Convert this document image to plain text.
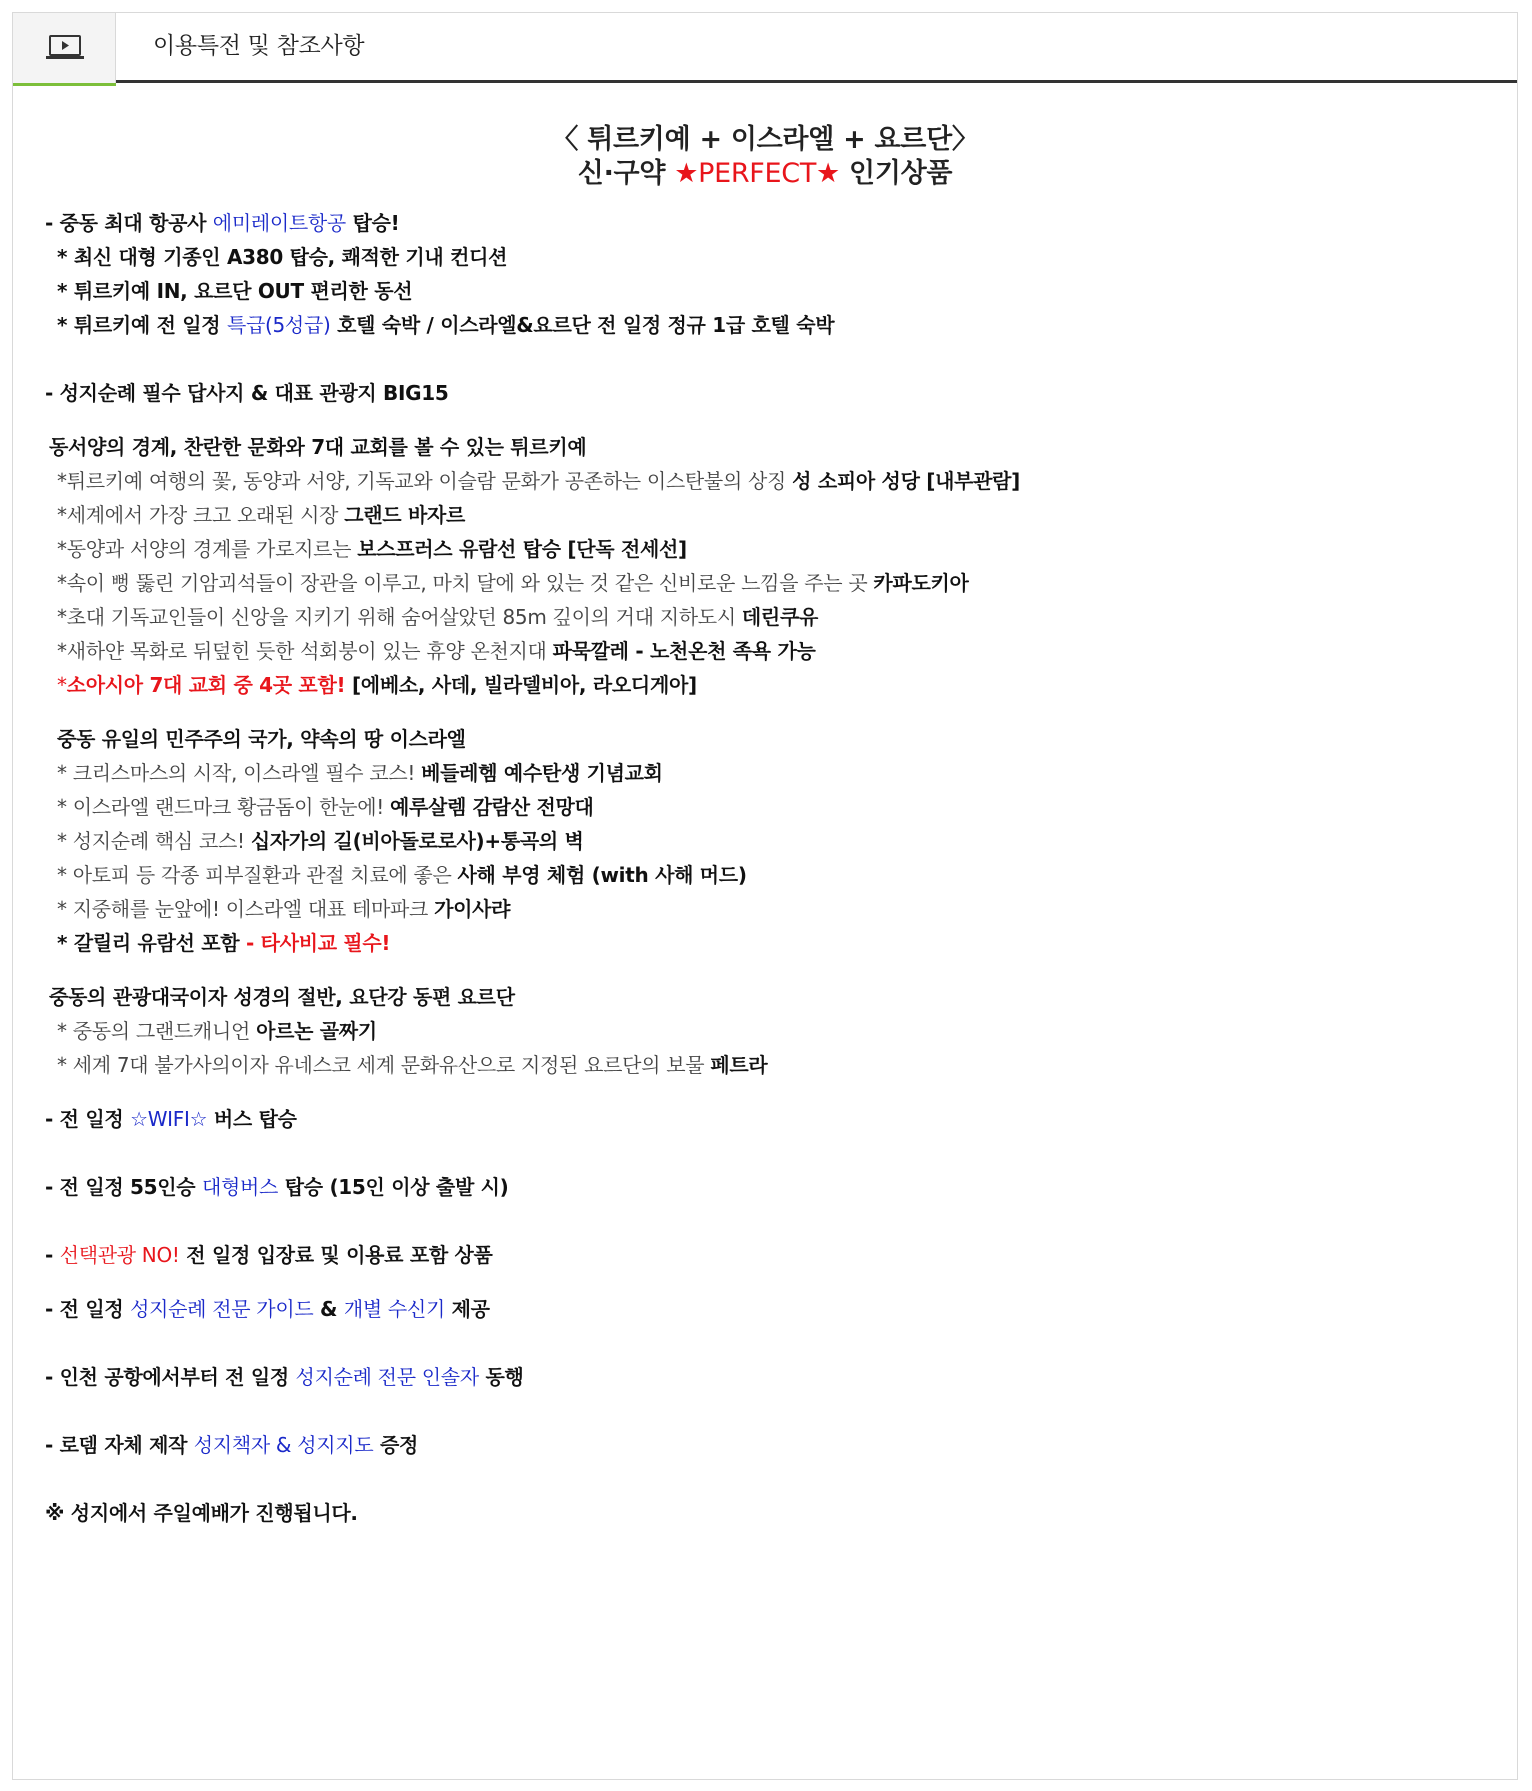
이용특전 및 참조사항
〈 튀르키예 + 이스라엘 + 요르단〉
신·구약 ★PERFECT★ 인기상품
- 중동 최대 항공사 에미레이트항공 탑승!
* 최신 대형 기종인 A380 탑승, 쾌적한 기내 컨디션
* 튀르키예 IN, 요르단 OUT 편리한 동선
* 튀르키예 전 일정 특급(5성급) 호텔 숙박 / 이스라엘&요르단 전 일정 정규 1급 호텔 숙박
- 성지순례 필수 답사지 & 대표 관광지 BIG15
동서양의 경계, 찬란한 문화와 7대 교회를 볼 수 있는 튀르키예
*튀르키예 여행의 꽃, 동양과 서양, 기독교와 이슬람 문화가 공존하는 이스탄불의 상징 성 소피아 성당 [내부관람]
*세계에서 가장 크고 오래된 시장 그랜드 바자르
*동양과 서양의 경계를 가로지르는 보스프러스 유람선 탑승 [단독 전세선]
*속이 뻥 뚫린 기암괴석들이 장관을 이루고, 마치 달에 와 있는 것 같은 신비로운 느낌을 주는 곳 카파도키아
*초대 기독교인들이 신앙을 지키기 위해 숨어살았던 85m 깊이의 거대 지하도시 데린쿠유
*새하얀 목화로 뒤덮힌 듯한 석회붕이 있는 휴양 온천지대 파묵깔레 - 노천온천 족욕 가능
*소아시아 7대 교회 중 4곳 포함! [에베소, 사데, 빌라델비아, 라오디게아]
중동 유일의 민주주의 국가, 약속의 땅 이스라엘
* 크리스마스의 시작, 이스라엘 필수 코스! 베들레헴 예수탄생 기념교회
* 이스라엘 랜드마크 황금돔이 한눈에! 예루살렘 감람산 전망대
* 성지순례 핵심 코스! 십자가의 길(비아돌로로사)+통곡의 벽
* 아토피 등 각종 피부질환과 관절 치료에 좋은 사해 부영 체험 (with 사해 머드)
* 지중해를 눈앞에! 이스라엘 대표 테마파크 가이사랴
* 갈릴리 유람선 포함 - 타사비교 필수!
중동의 관광대국이자 성경의 절반, 요단강 동편 요르단
* 중동의 그랜드캐니언 아르논 골짜기
* 세계 7대 불가사의이자 유네스코 세계 문화유산으로 지정된 요르단의 보물 페트라
- 전 일정 ☆WIFI☆ 버스 탑승
- 전 일정 55인승 대형버스 탑승 (15인 이상 출발 시)
- 선택관광 NO! 전 일정 입장료 및 이용료 포함 상품
- 전 일정 성지순례 전문 가이드 & 개별 수신기 제공
- 인천 공항에서부터 전 일정 성지순례 전문 인솔자 동행
- 로뎀 자체 제작 성지책자 & 성지지도 증정
※ 성지에서 주일예배가 진행됩니다.
